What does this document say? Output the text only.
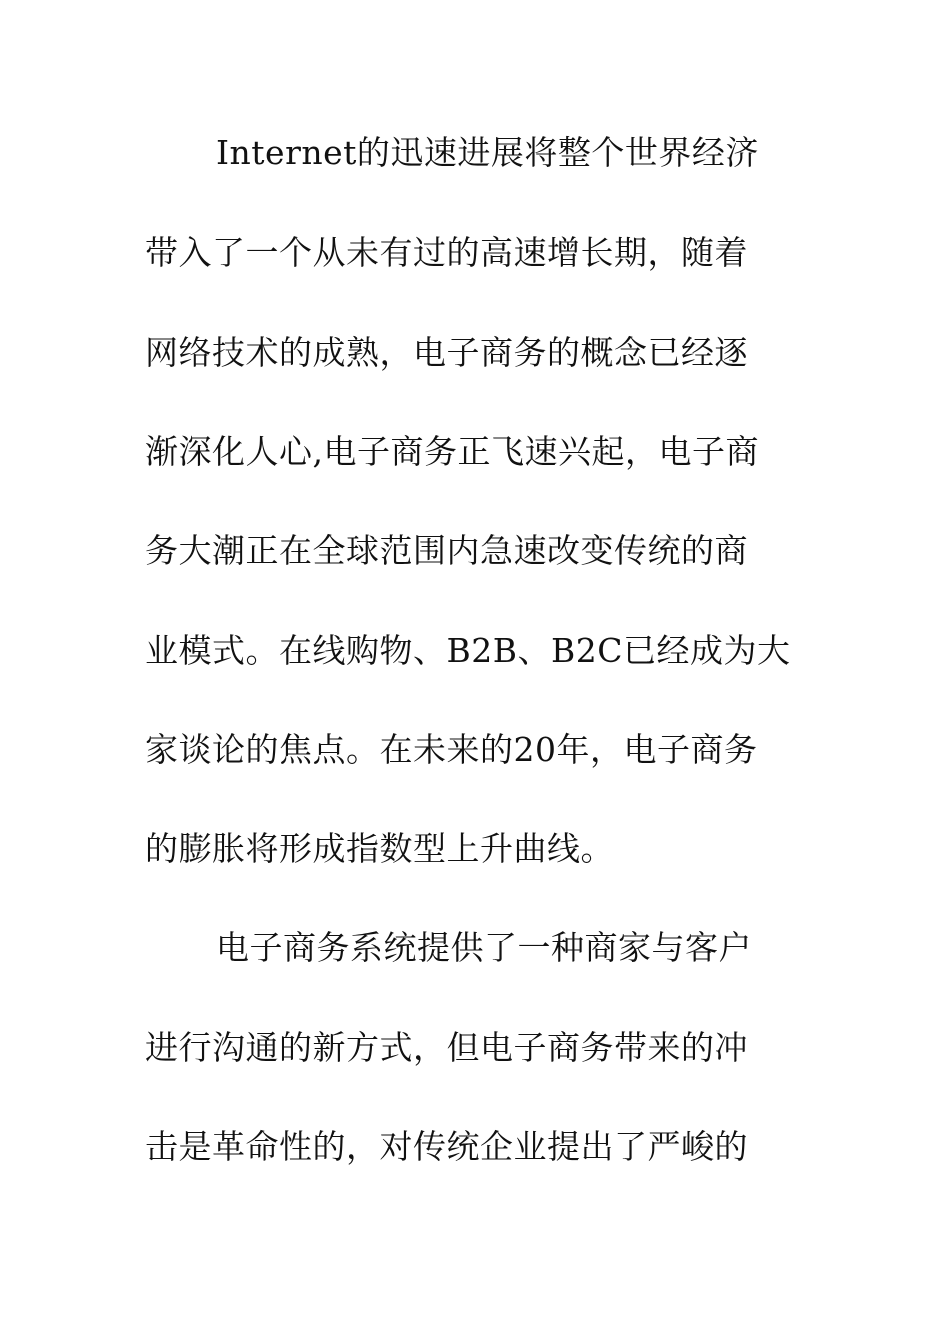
Internet的迅速进展将整个世界经济
带入了一个从未有过的高速增长期，随着
网络技术的成熟，电子商务的概念已经逐
渐深化人心,电子商务正飞速兴起，电子商
务大潮正在全球范围内急速改变传统的商
业模式。在线购物、B2B、B2C已经成为大
家谈论的焦点。在未来的20年，电子商务
的膨胀将形成指数型上升曲线。
电子商务系统提供了一种商家与客户
进行沟通的新方式，但电子商务带来的冲
击是革命性的，对传统企业提出了严峻的
